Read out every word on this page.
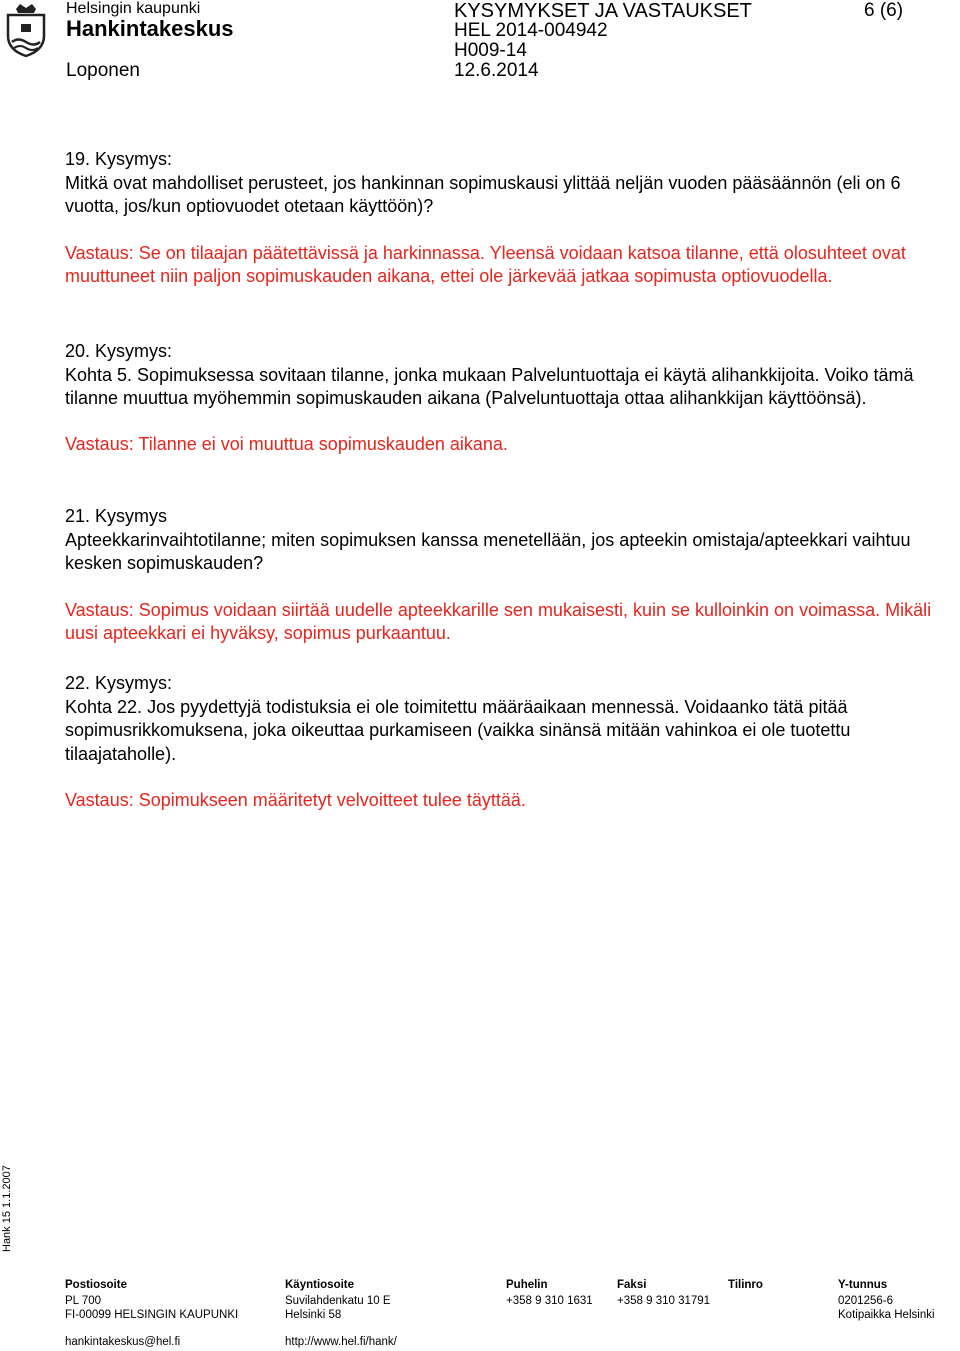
Helsingin kaupunki
Hankintakeskus
Loponen
KYSYMYKSET JA VASTAUKSET
HEL 2014-004942
H009-14
12.6.2014
6 (6)

19. Kysymys:

Mitkä ovat mahdolliset perusteet, jos hankinnan sopimuskausi ylittää neljän vuoden pääsäännön (eli on 6 vuotta, jos/kun optiovuodet otetaan käyttöön)?

Vastaus: Se on tilaajan päätettävissä ja harkinnassa. Yleensä voidaan katsoa tilanne, että olosuhteet ovat muuttuneet niin paljon sopimuskauden aikana, ettei ole järkevää jatkaa sopimusta optiovuodella.

20. Kysymys:

Kohta 5. Sopimuksessa sovitaan tilanne, jonka mukaan Palveluntuottaja ei käytä alihankkijoita. Voiko tämä tilanne muuttua myöhemmin sopimuskauden aikana (Palveluntuottaja ottaa alihankkijan käyttöönsä).

Vastaus: Tilanne ei voi muuttua sopimuskauden aikana.

21. Kysymys

Apteekkarinvaihtotilanne; miten sopimuksen kanssa menetellään, jos apteekin omistaja/apteekkari vaihtuu kesken sopimuskauden?

Vastaus: Sopimus voidaan siirtää uudelle apteekkarille sen mukaisesti, kuin se kulloinkin on voimassa. Mikäli uusi apteekkari ei hyväksy, sopimus purkaantuu.

22. Kysymys:

Kohta 22. Jos pyydettyjä todistuksia ei ole toimitettu määräaikaan mennessä. Voidaanko tätä pitää sopimusrikkomuksena, joka oikeuttaa purkamiseen (vaikka sinänsä mitään vahinkoa ei ole tuotettu tilaajataholle).

Vastaus: Sopimukseen määritetyt velvoitteet tulee täyttää.

Hank 15 1.1.2007
Postiosoite
PL 700
FI-00099 HELSINGIN KAUPUNKI
hankintakeskus@hel.fi
Käyntiosoite
Suvilahdenkatu 10 E
Helsinki 58
http://www.hel.fi/hank/
Puhelin
+358 9 310 1631
Faksi
+358 9 310 31791
Tilinro	Y-tunnus
0201256-6
Kotipaikka Helsinki
